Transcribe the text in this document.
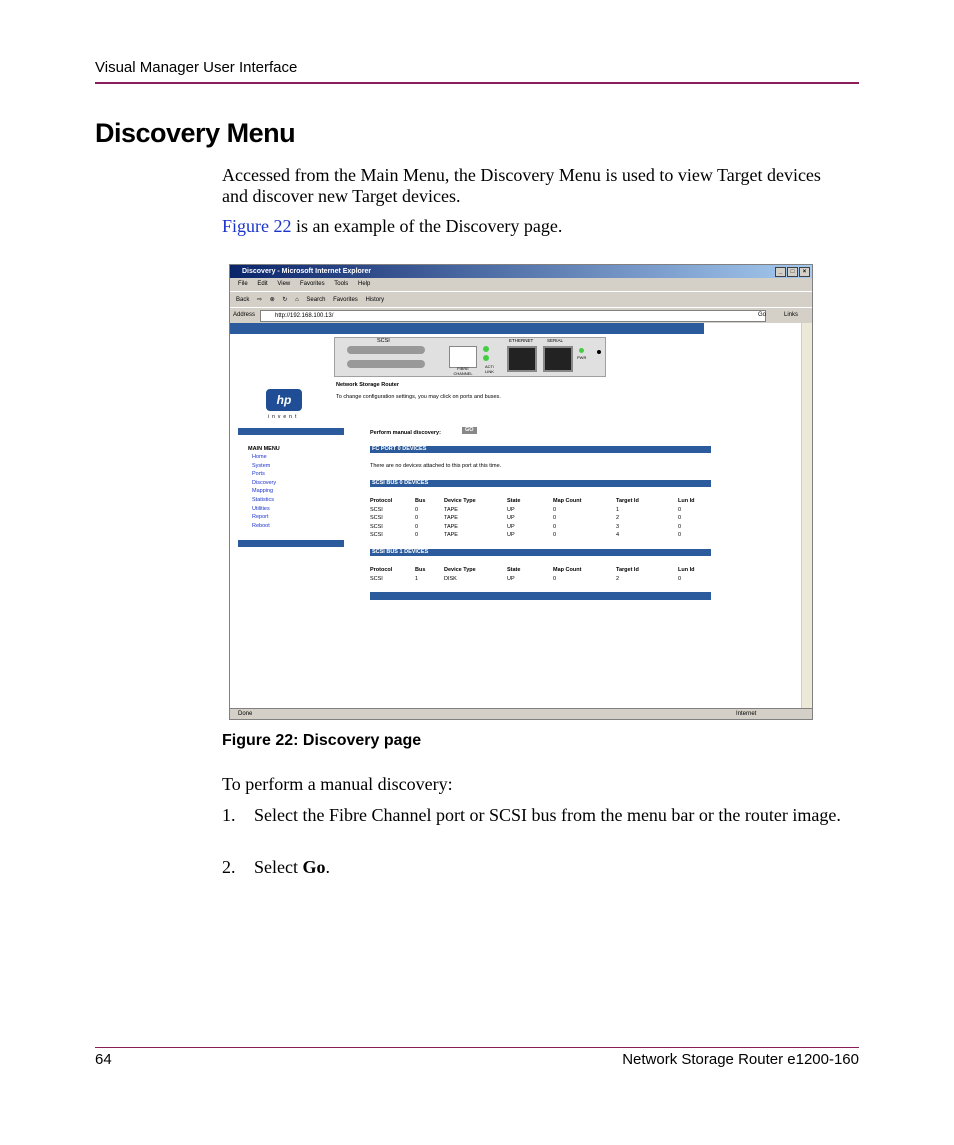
Visual Manager User Interface
Discovery Menu
Accessed from the Main Menu, the Discovery Menu is used to view Target devices and discover new Target devices.
Figure 22 is an example of the Discovery page.
Discovery - Microsoft Internet Explorer	_	□	×
File Edit View Favorites Tools Help
Back ⇨ ⊗ ↻ ⌂ Search Favorites History
Address	http://192.168.100.13/	Go	Links
SCSI
FIBRE CHANNEL
ACT/ LINK
ETHERNET	SERIAL
PWR
hp
invent
Network Storage Router
To change configuration settings, you may click on ports and buses.
MAIN MENU
Home
System
Ports
Discovery
Mapping
Statistics
Utilities
Report
Reboot
Perform manual discovery:	GO
FC PORT 0 DEVICES
There are no devices attached to this port at this time.
SCSI BUS 0 DEVICES
Protocol	Bus	Device Type	State	Map Count	Target Id	Lun Id
SCSI	0	TAPE	UP	0	1	0
SCSI	0	TAPE	UP	0	2	0
SCSI	0	TAPE	UP	0	3	0
SCSI	0	TAPE	UP	0	4	0
SCSI BUS 1 DEVICES
Protocol	Bus	Device Type	State	Map Count	Target Id	Lun Id
SCSI	1	DISK	UP	0	2	0
Done	Internet
Figure 22: Discovery page
To perform a manual discovery:
1.	Select the Fibre Channel port or SCSI bus from the menu bar or the router image.
2.	Select Go.
64	Network Storage Router e1200-160
